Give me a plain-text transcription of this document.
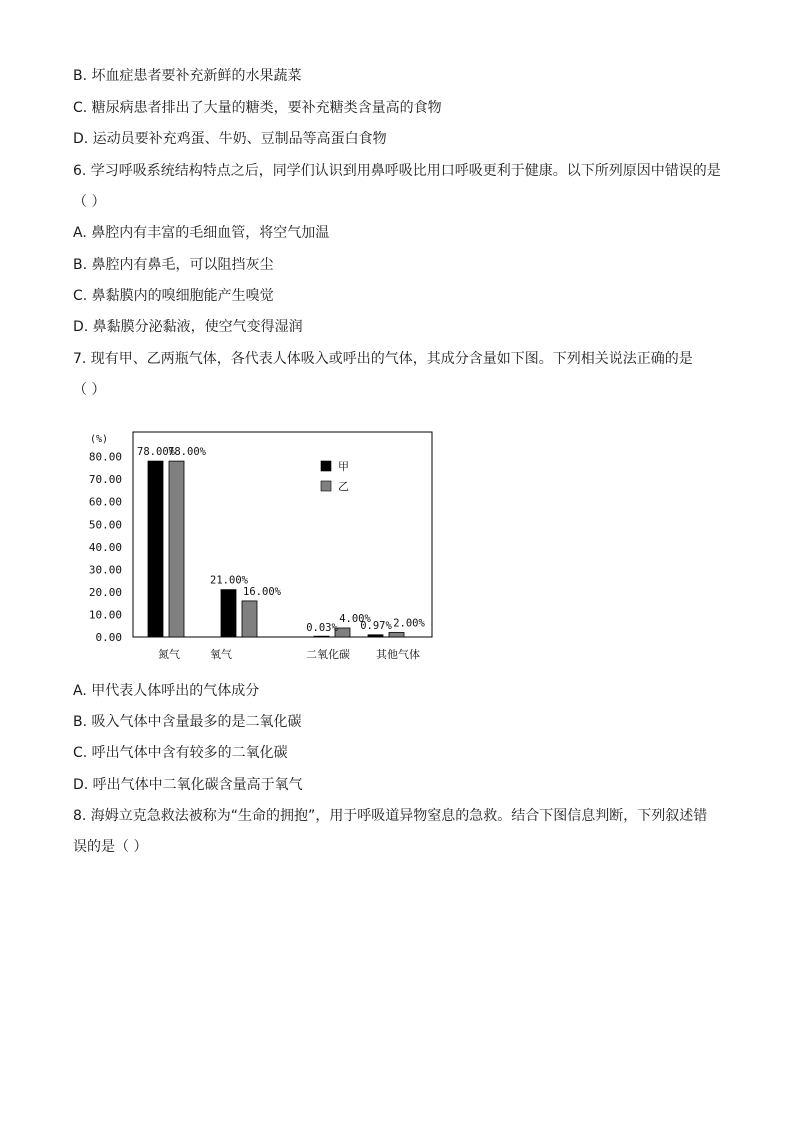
B. 坏血症患者要补充新鲜的水果蔬菜
C. 糖尿病患者排出了大量的糖类，要补充糖类含量高的食物
D. 运动员要补充鸡蛋、牛奶、豆制品等高蛋白食物
6. 学习呼吸系统结构特点之后，同学们认识到用鼻呼吸比用口呼吸更利于健康。以下所列原因中错误的是
（ ）
A. 鼻腔内有丰富的毛细血管，将空气加温
B. 鼻腔内有鼻毛，可以阻挡灰尘
C. 鼻黏膜内的嗅细胞能产生嗅觉
D. 鼻黏膜分泌黏液，使空气变得湿润
7. 现有甲、乙两瓶气体，各代表人体吸入或呼出的气体，其成分含量如下图。下列相关说法正确的是
（ ）
A. 甲代表人体呼出的气体成分
B. 吸入气体中含量最多的是二氧化碳
C. 呼出气体中含有较多的二氧化碳
D. 呼出气体中二氧化碳含量高于氧气
8. 海姆立克急救法被称为“生命的拥抱”，用于呼吸道异物窒息的急救。结合下图信息判断，下列叙述错
误的是（ ）
(%)
0.00
10.00
20.00
30.00
40.00
50.00
60.00
70.00
80.00 78.00%
78.00%
氮气
21.00%
16.00%
氧气
0.03%
4.00%
二氧化碳
0.97% 2.00%
其他气体
甲
乙
